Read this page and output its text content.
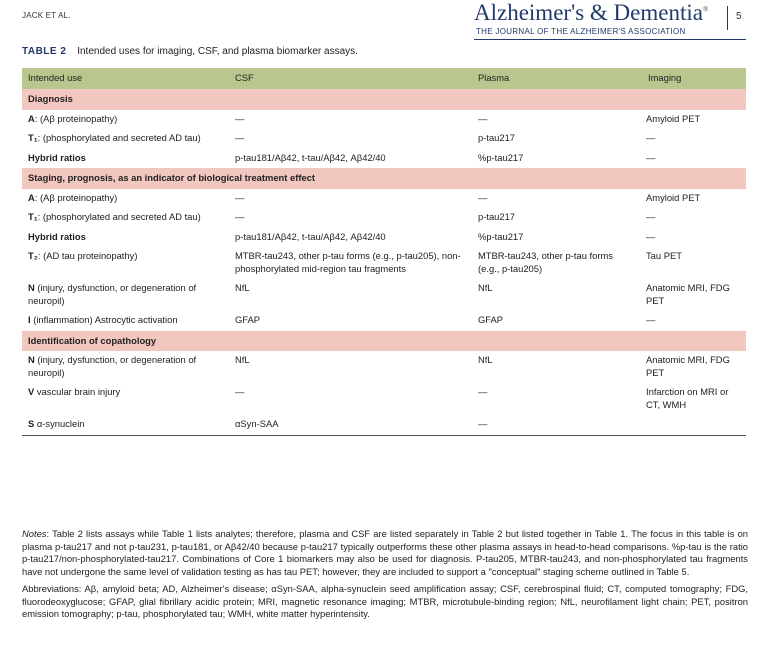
JACK ET AL.	Alzheimer's & Dementia®
THE JOURNAL OF THE ALZHEIMER'S ASSOCIATION
5
TABLE 2 Intended uses for imaging, CSF, and plasma biomarker assays.
Intended use	CSF	Plasma	Imaging
Diagnosis			
A: (Aβ proteinopathy)	—	—	Amyloid PET
T₁: (phosphorylated and secreted AD tau)	—	p-tau217	—
Hybrid ratios	p-tau181/Aβ42, t-tau/Aβ42, Aβ42/40	%p-tau217	—
Staging, prognosis, as an indicator of biological treatment effect			
A: (Aβ proteinopathy)	—	—	Amyloid PET
T₁: (phosphorylated and secreted AD tau)	—	p-tau217	—
Hybrid ratios	p-tau181/Aβ42, t-tau/Aβ42, Aβ42/40	%p-tau217	—
T₂: (AD tau proteinopathy)	MTBR-tau243, other p-tau forms (e.g., p-tau205), non-phosphorylated mid-region tau fragments	MTBR-tau243, other p-tau forms (e.g., p-tau205)	Tau PET
N (injury, dysfunction, or degeneration of neuropil)	NfL	NfL	Anatomic MRI, FDG PET
I (inflammation) Astrocytic activation	GFAP	GFAP	—
Identification of copathology			
N (injury, dysfunction, or degeneration of neuropil)	NfL	NfL	Anatomic MRI, FDG PET
V vascular brain injury	—	—	Infarction on MRI or CT, WMH
S α-synuclein	αSyn-SAA	—	

Notes: Table 2 lists assays while Table 1 lists analytes; therefore, plasma and CSF are listed separately in Table 2 but listed together in Table 1. The focus in this table is on plasma p-tau217 and not p-tau231, p-tau181, or Aβ42/40 because p-tau217 typically outperforms these other plasma assays in head-to-head comparisons. %p-tau is the ratio p-tau217/non-phosphorylated-tau217. Combinations of Core 1 biomarkers may also be used for diagnosis. P-tau205, MTBR-tau243, and non-phosphorylated tau fragments have not undergone the same level of validation testing as has tau PET; however, they are included to support a "conceptual" staging scheme outlined in Table 5.

Abbreviations: Aβ, amyloid beta; AD, Alzheimer's disease; αSyn-SAA, alpha-synuclein seed amplification assay; CSF, cerebrospinal fluid; CT, computed tomography; FDG, fluorodeoxyglucose; GFAP, glial fibrillary acidic protein; MRI, magnetic resonance imaging; MTBR, microtubule-binding region; NfL, neurofilament light chain; PET, positron emission tomography; p-tau, phosphorylated tau; WMH, white matter hyperintensity.
